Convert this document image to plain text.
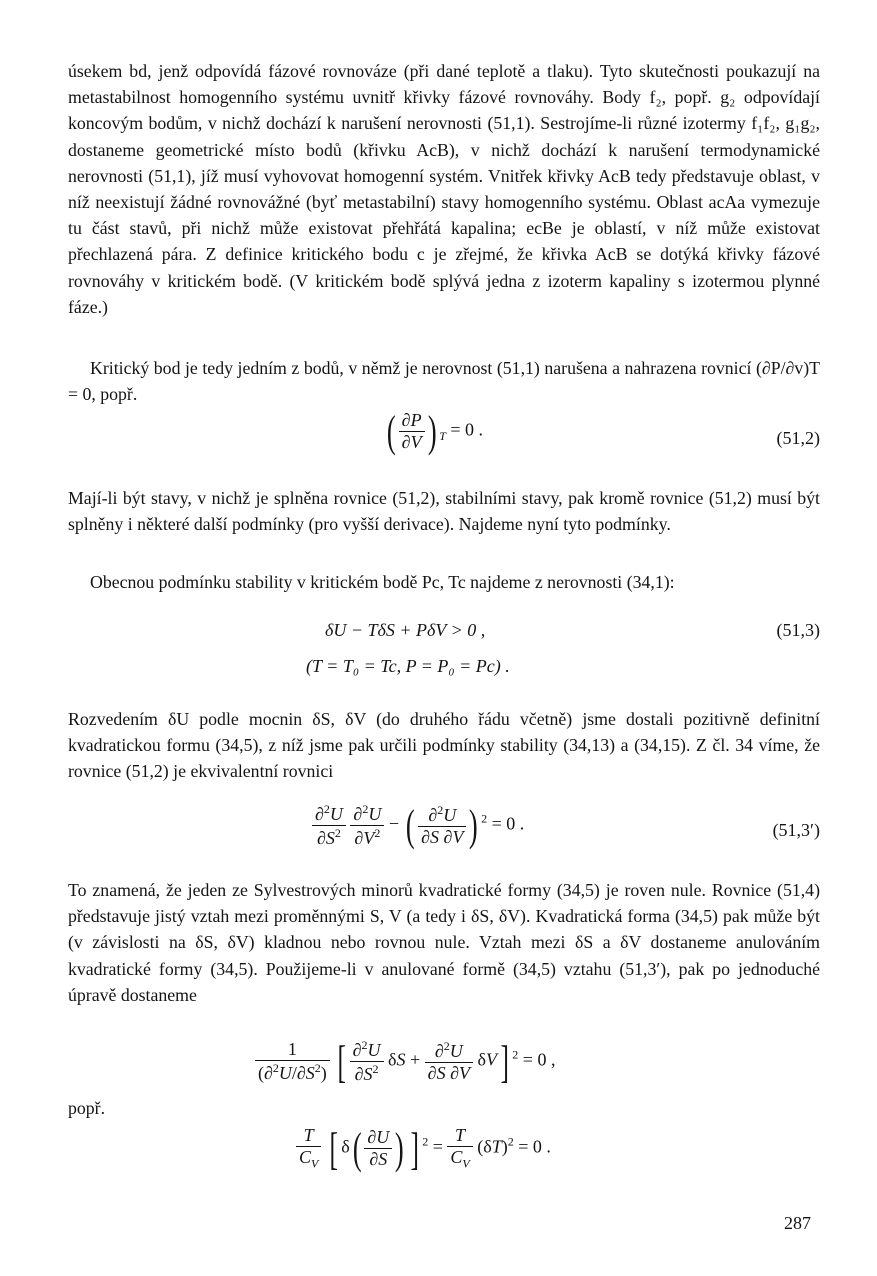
úsekem bd, jenž odpovídá fázové rovnováze (při dané teplotě a tlaku). Tyto skutečnosti poukazují na metastabilnost homogenního systému uvnitř křivky fázové rovnováhy. Body f₂, popř. g₂ odpovídají koncovým bodům, v nichž dochází k narušení nerovnosti (51,1). Sestrojíme-li různé izotermy f₁f₂, g₁g₂, dostaneme geometrické místo bodů (křivku AcB), v nichž dochází k narušení termodynamické nerovnosti (51,1), jíž musí vyhovovat homogenní systém. Vnitřek křivky AcB tedy představuje oblast, v níž neexistují žádné rovnovážné (byť metastabilní) stavy homogenního systému. Oblast acAa vymezuje tu část stavů, při nichž může existovat přehřátá kapalina; ecBe je oblastí, v níž může existovat přechlazená pára. Z definice kritického bodu c je zřejmé, že křivka AcB se dotýká křivky fázové rovnováhy v kritickém bodě. (V kritickém bodě splývá jedna z izoterm kapaliny s izotermou plynné fáze.)
Kritický bod je tedy jedním z bodů, v němž je nerovnost (51,1) narušena a nahrazena rovnicí (∂P/∂v)T = 0, popř.
( $\frac{\partial P}{\partial V}$ ) $_T$ = 0 .	(51,2)
Mají-li být stavy, v nichž je splněna rovnice (51,2), stabilními stavy, pak kromě rovnice (51,2) musí být splněny i některé další podmínky (pro vyšší derivace). Najdeme nyní tyto podmínky.
Obecnou podmínku stability v kritickém bodě Pc, Tc najdeme z nerovnosti (34,1):
δU − TδS + PδV > 0 ,	(51,3)
(T = T₀ = Tc, P = P₀ = Pc) .
Rozvedením δU podle mocnin δS, δV (do druhého řádu včetně) jsme dostali pozitivně definitní kvadratickou formu (34,5), z níž jsme pak určili podmínky stability (34,13) a (34,15). Z čl. 34 víme, že rovnice (51,2) je ekvivalentní rovnici
$\frac{\partial^2U}{\partial S^2}$
$\frac{\partial^2U}{\partial V^2}$ − ( $\frac{\partial^2U}{\partial S \partial V}$ ) $^2$ = 0 .	(51,3′)
To znamená, že jeden ze Sylvestrových minorů kvadratické formy (34,5) je roven nule. Rovnice (51,4) představuje jistý vztah mezi proměnnými S, V (a tedy i δS, δV). Kvadratická forma (34,5) pak může být (v závislosti na δS, δV) kladnou nebo rovnou nule. Vztah mezi δS a δV dostaneme anulováním kvadratické formy (34,5). Použijeme-li v anulované formě (34,5) vztahu (51,3′), pak po jednoduché úpravě dostaneme
$\frac{1}{(\partial^2U/\partial S^2)}$ [ $\frac{\partial^2U}{\partial S^2}$ $\delta S + \frac{\partial^2U}{\partial S \partial V} \delta V$] $^2$ = 0 ,
popř.
$\frac{T}{C_V}$ [ $\delta( \frac{\partial U}{\partial S}$ ) ] $^2 = \frac{T}{C_V} (\delta T)^2 = 0$ .
287
